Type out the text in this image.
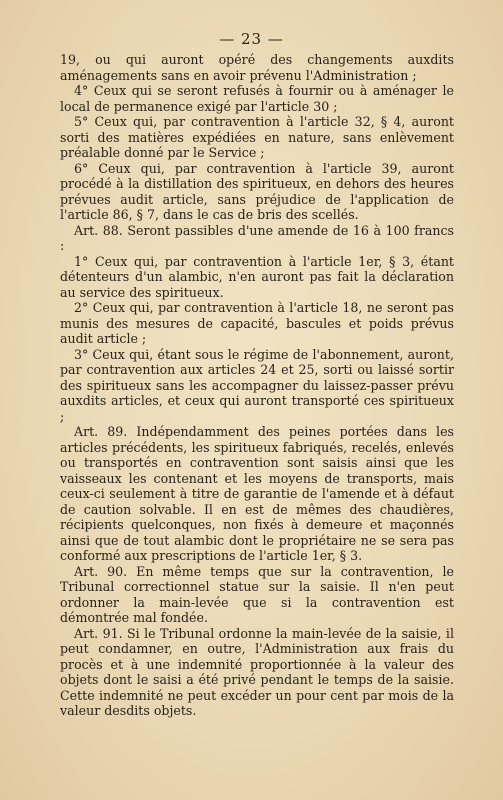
— 23 —

19, ou qui auront opéré des changements auxdits aménagements sans en avoir prévenu l'Administration ;

4° Ceux qui se seront refusés à fournir ou à aménager le local de permanence exigé par l'article 30 ;

5° Ceux qui, par contravention à l'article 32, § 4, auront sorti des matières expédiées en nature, sans enlèvement préalable donné par le Service ;

6° Ceux qui, par contravention à l'article 39, auront procédé à la distillation des spiritueux, en dehors des heures prévues audit article, sans préjudice de l'application de l'article 86, § 7, dans le cas de bris des scellés.

Art. 88. Seront passibles d'une amende de 16 à 100 francs :

1° Ceux qui, par contravention à l'article 1er, § 3, étant détenteurs d'un alambic, n'en auront pas fait la déclaration au service des spiritueux.

2° Ceux qui, par contravention à l'article 18, ne seront pas munis des mesures de capacité, bascules et poids prévus audit article ;

3° Ceux qui, étant sous le régime de l'abonnement, auront, par contravention aux articles 24 et 25, sorti ou laissé sortir des spiritueux sans les accompagner du laissez-passer prévu auxdits articles, et ceux qui auront transporté ces spiritueux ;

Art. 89. Indépendamment des peines portées dans les articles précédents, les spiritueux fabriqués, recelés, enlevés ou transportés en contravention sont saisis ainsi que les vaisseaux les contenant et les moyens de transports, mais ceux-ci seulement à titre de garantie de l'amende et à défaut de caution solvable. Il en est de mêmes des chaudières, récipients quelconques, non fixés à demeure et maçonnés ainsi que de tout alambic dont le propriétaire ne se sera pas conformé aux prescriptions de l'article 1er, § 3.

Art. 90. En même temps que sur la contravention, le Tribunal correctionnel statue sur la saisie. Il n'en peut ordonner la main-levée que si la contravention est démontrée mal fondée.

Art. 91. Si le Tribunal ordonne la main-levée de la saisie, il peut condamner, en outre, l'Administration aux frais du procès et à une indemnité proportionnée à la valeur des objets dont le saisi a été privé pendant le temps de la saisie. Cette indemnité ne peut excéder un pour cent par mois de la valeur desdits objets.
